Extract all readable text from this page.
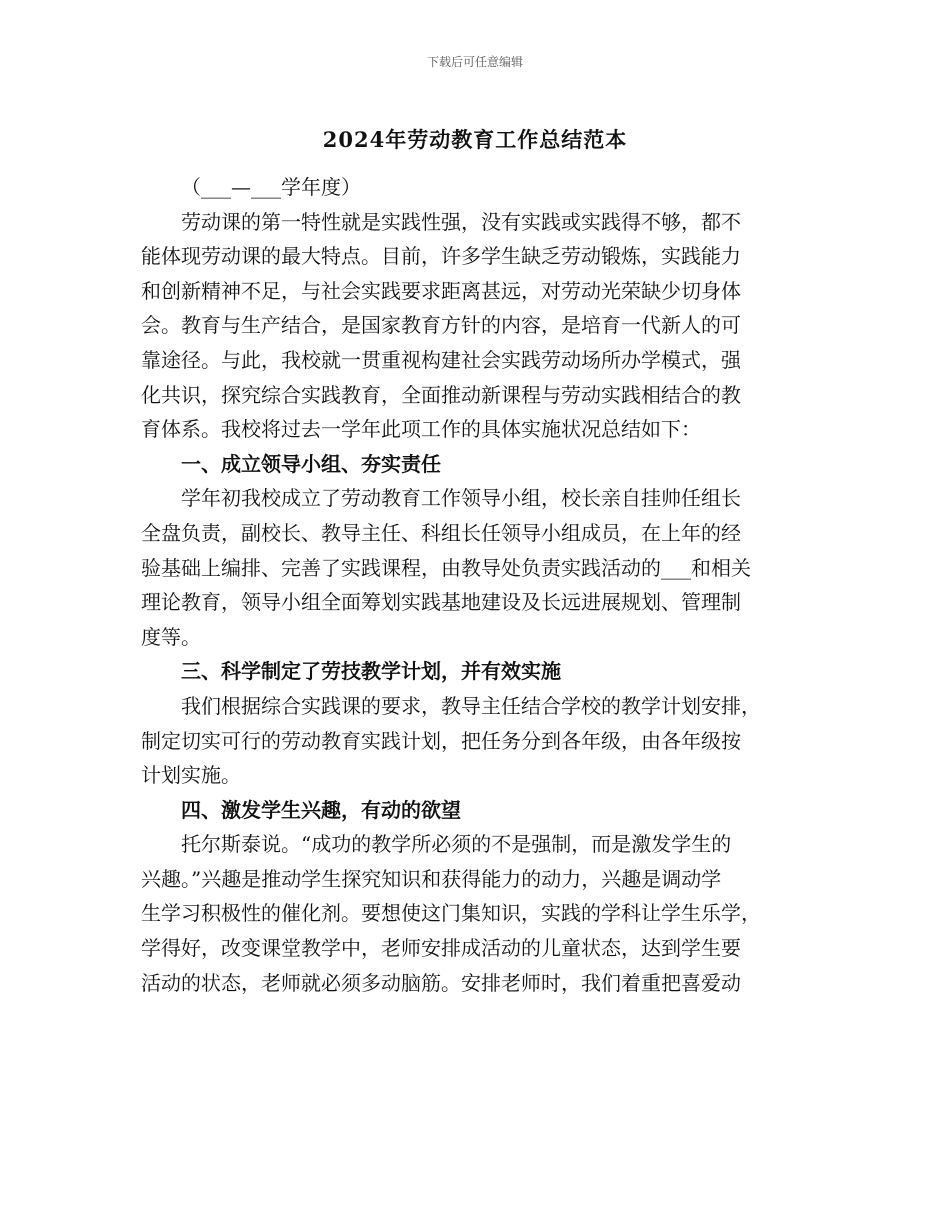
下载后可任意编辑
2024年劳动教育工作总结范本

（___—___学年度）

劳动课的第一特性就是实践性强，没有实践或实践得不够，都不
能体现劳动课的最大特点。目前，许多学生缺乏劳动锻炼，实践能力
和创新精神不足，与社会实践要求距离甚远，对劳动光荣缺少切身体
会。教育与生产结合，是国家教育方针的内容，是培育一代新人的可
靠途径。与此，我校就一贯重视构建社会实践劳动场所办学模式，强
化共识，探究综合实践教育，全面推动新课程与劳动实践相结合的教
育体系。我校将过去一学年此项工作的具体实施状况总结如下：

一、成立领导小组、夯实责任

学年初我校成立了劳动教育工作领导小组，校长亲自挂帅任组长
全盘负责，副校长、教导主任、科组长任领导小组成员，在上年的经
验基础上编排、完善了实践课程，由教导处负责实践活动的___和相关
理论教育，领导小组全面筹划实践基地建设及长远进展规划、管理制
度等。

三、科学制定了劳技教学计划，并有效实施

我们根据综合实践课的要求，教导主任结合学校的教学计划安排，
制定切实可行的劳动教育实践计划，把任务分到各年级，由各年级按
计划实施。

四、激发学生兴趣，有动的欲望

托尔斯泰说。“成功的教学所必须的不是强制，而是激发学生的
兴趣。”兴趣是推动学生探究知识和获得能力的动力，兴趣是调动学
生学习积极性的催化剂。要想使这门集知识，实践的学科让学生乐学，
学得好，改变课堂教学中，老师安排成活动的儿童状态，达到学生要
活动的状态，老师就必须多动脑筋。安排老师时，我们着重把喜爱动
